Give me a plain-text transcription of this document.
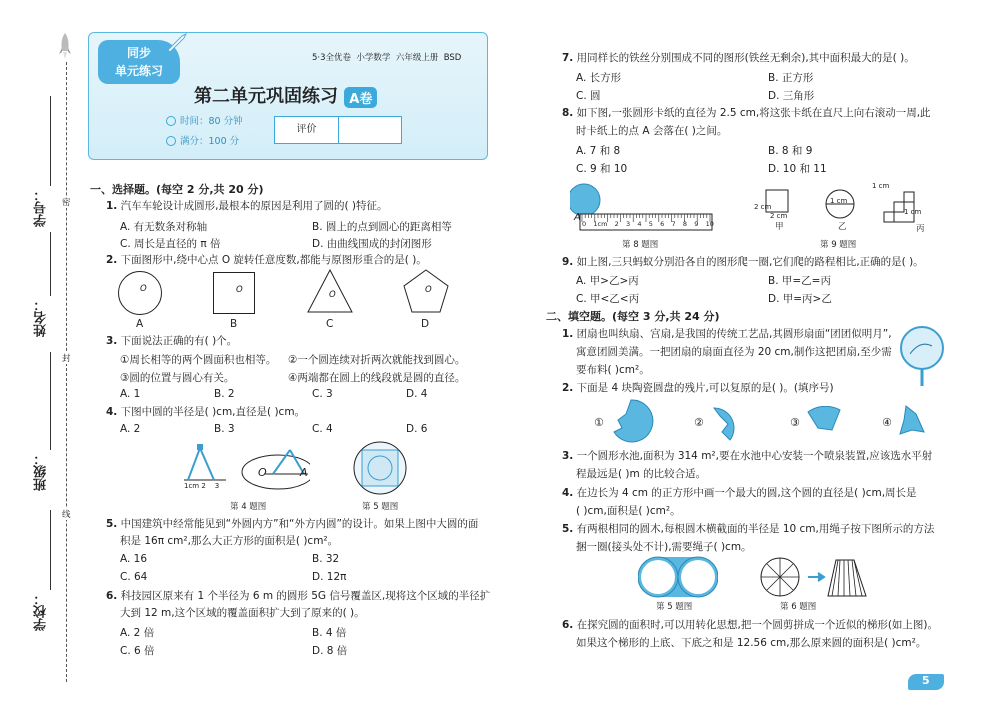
密
封
线
学号：
姓名：
班级：
学校：
5·3全优卷  小学数学  六年级上册  BSD
同步
单元练习
第二单元巩固练习 A卷
时间：80 分钟
满分：100 分
评价
一、选择题。(每空 2 分,共 20 分)
1. 汽车车轮设计成圆形,最根本的原因是利用了圆的( )特征。
A. 有无数条对称轴	B. 圆上的点到圆心的距离相等
C. 周长是直径的 π 倍	D. 由曲线围成的封闭图形
2. 下面图形中,绕中心点 O 旋转任意度数,都能与原图形重合的是( )。
O	O	O	O
A	B	C	D
3. 下面说法正确的有( )个。
①周长相等的两个圆面积也相等。 ②一个圆连续对折两次就能找到圆心。
③圆的位置与圆心有关。	④两端都在圆上的线段就是圆的直径。
A. 1	B. 2	C. 3	D. 4
4. 下图中圆的半径是( )cm,直径是( )cm。
A. 2	B. 3	C. 4	D. 6
1cm 2    3
O	A
第 4 题图	第 5 题图
5. 中国建筑中经常能见到“外圆内方”和“外方内圆”的设计。如果上图中大圆的面
积是 16π cm²,那么大正方形的面积是( )cm²。
A. 16	B. 32
C. 64	D. 12π
6. 科技园区原来有 1 个半径为 6 m 的圆形 5G 信号覆盖区,现将这个区域的半径扩
大到 12 m,这个区域的覆盖面积扩大到了原来的( )。
A. 2 倍	B. 4 倍
C. 6 倍	D. 8 倍
7. 用同样长的铁丝分别围成不同的图形(铁丝无剩余),其中面积最大的是( )。
A. 长方形	B. 正方形
C. 圆	D. 三角形
8. 如下图,一张圆形卡纸的直径为 2.5 cm,将这张卡纸在直尺上向右滚动一周,此
时卡纸上的点 A 会落在( )之间。
A. 7 和 8	B. 8 和 9
C. 9 和 10	D. 10 和 11
A
0 1cm 2 3 4 5 6 7 8 9 10
第 8 题图
2 cm
2 cm
1 cm
1 cm
1 cm
甲	乙	丙
第 9 题图
9. 如上图,三只蚂蚁分别沿各自的图形爬一圈,它们爬的路程相比,正确的是( )。
A. 甲>乙>丙	B. 甲=乙=丙
C. 甲<乙<丙	D. 甲=丙>乙
二、填空题。(每空 3 分,共 24 分)
1. 团扇也叫纨扇、宫扇,是我国的传统工艺品,其圆形扇面“团团似明月”,
寓意团圆美满。一把团扇的扇面直径为 20 cm,制作这把团扇,至少需
要布料( )cm²。
2. 下面是 4 块陶瓷圆盘的残片,可以复原的是( )。(填序号)
①	②	③	④
3. 一个圆形水池,面积为 314 m²,要在水池中心安装一个喷泉装置,应该选水平射
程最远是( )m 的比较合适。
4. 在边长为 4 cm 的正方形中画一个最大的圆,这个圆的直径是( )cm,周长是
( )cm,面积是( )cm²。
5. 有两根相同的圆木,每根圆木横截面的半径是 10 cm,用绳子按下图所示的方法
捆一圈(接头处不计),需要绳子( )cm。
第 5 题图	第 6 题图
6. 在探究圆的面积时,可以用转化思想,把一个圆剪拼成一个近似的梯形(如上图)。
如果这个梯形的上底、下底之和是 12.56 cm,那么原来圆的面积是( )cm²。
5
